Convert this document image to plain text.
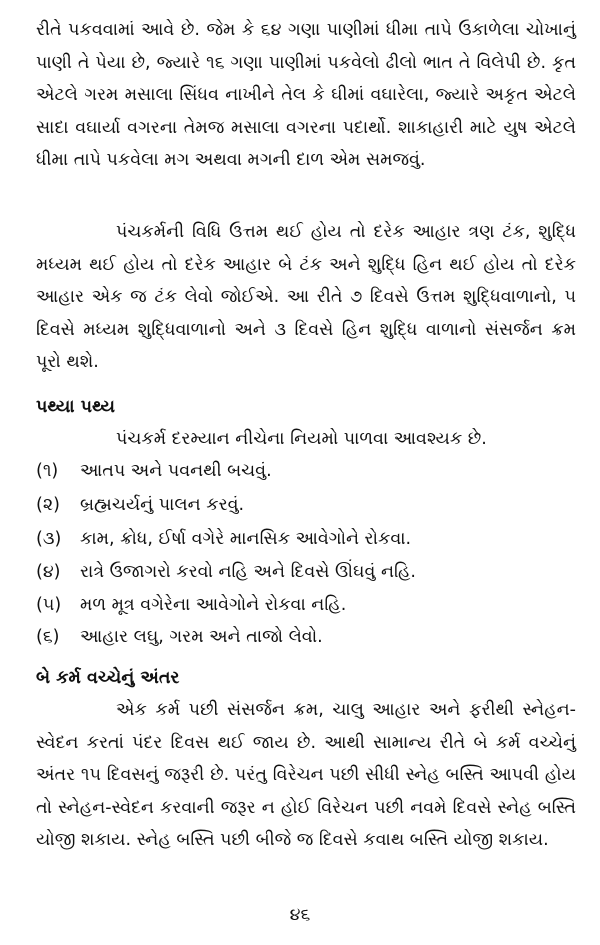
રીતે પકવવામાં આવે છે. જેમ કે ૬૪ ગણા પાણીમાં ધીમા તાપે ઉકાળેલા ચોખાનું પાણી તે પેયા છે, જ્યારે ૧૬ ગણા પાણીમાં પકવેલો ઢીલો ભાત તે વિલેપી છે. કૃત એટલે ગરમ મસાલા સિંધવ નાખીને તેલ કે ઘીમાં વઘારેલા, જ્યારે અકૃત એટલે સાદા વઘાર્યા વગરના તેમજ મસાલા વગરના પદાર્થો. શાકાહારી માટે યુષ એટલે ધીમા તાપે પકવેલા મગ અથવા મગની દાળ એમ સમજવું.
પંચકર્મની વિધિ ઉત્તમ થઈ હોય તો દરેક આહાર ત્રણ ટંક, શુદ્ધિ મધ્યમ થઈ હોય તો દરેક આહાર બે ટંક અને શુદ્ધિ હિન થઈ હોય તો દરેક આહાર એક જ ટંક લેવો જોઈએ. આ રીતે ૭ દિવસે ઉત્તમ શુદ્ધિવાળાનો, ૫ દિવસે મધ્યમ શુદ્ધિવાળાનો અને ૩ દિવસે હિન શુદ્ધિ વાળાનો સંસર્જન ક્રમ પૂરો થશે.
પથ્યા પથ્ય
પંચકર્મ દરમ્યાન નીચેના નિયમો પાળવા આવશ્યક છે.
(૧) આતપ અને પવનથી બચવું.
(૨) બ્રહ્મચર્યનું પાલન કરવું.
(૩) કામ, ક્રોધ, ઈર્ષા વગેરે માનસિક આવેગોને રોકવા.
(૪) રાત્રે ઉજાગરો કરવો નહિ અને દિવસે ઊંઘવું નહિ.
(૫) મળ મૂત્ર વગેરેના આવેગોને રોકવા નહિ.
(૬) આહાર લઘુ, ગરમ અને તાજો લેવો.
બે કર્મ વચ્ચેનું અંતર
એક કર્મ પછી સંસર્જન ક્રમ, ચાલુ આહાર અને ફરીથી સ્નેહન-સ્વેદન કરતાં પંદર દિવસ થઈ જાય છે. આથી સામાન્ય રીતે બે કર્મ વચ્ચેનું અંતર ૧૫ દિવસનું જરૂરી છે. પરંતુ વિરેચન પછી સીધી સ્નેહ બસ્તિ આપવી હોય તો સ્નેહન-સ્વેદન કરવાની જરૂર ન હોઈ વિરેચન પછી નવમે દિવસે સ્નેહ બસ્તિ યોજી શકાય. સ્નેહ બસ્તિ પછી બીજે જ દિવસે કવાથ બસ્તિ યોજી શકાય.
૪૬
